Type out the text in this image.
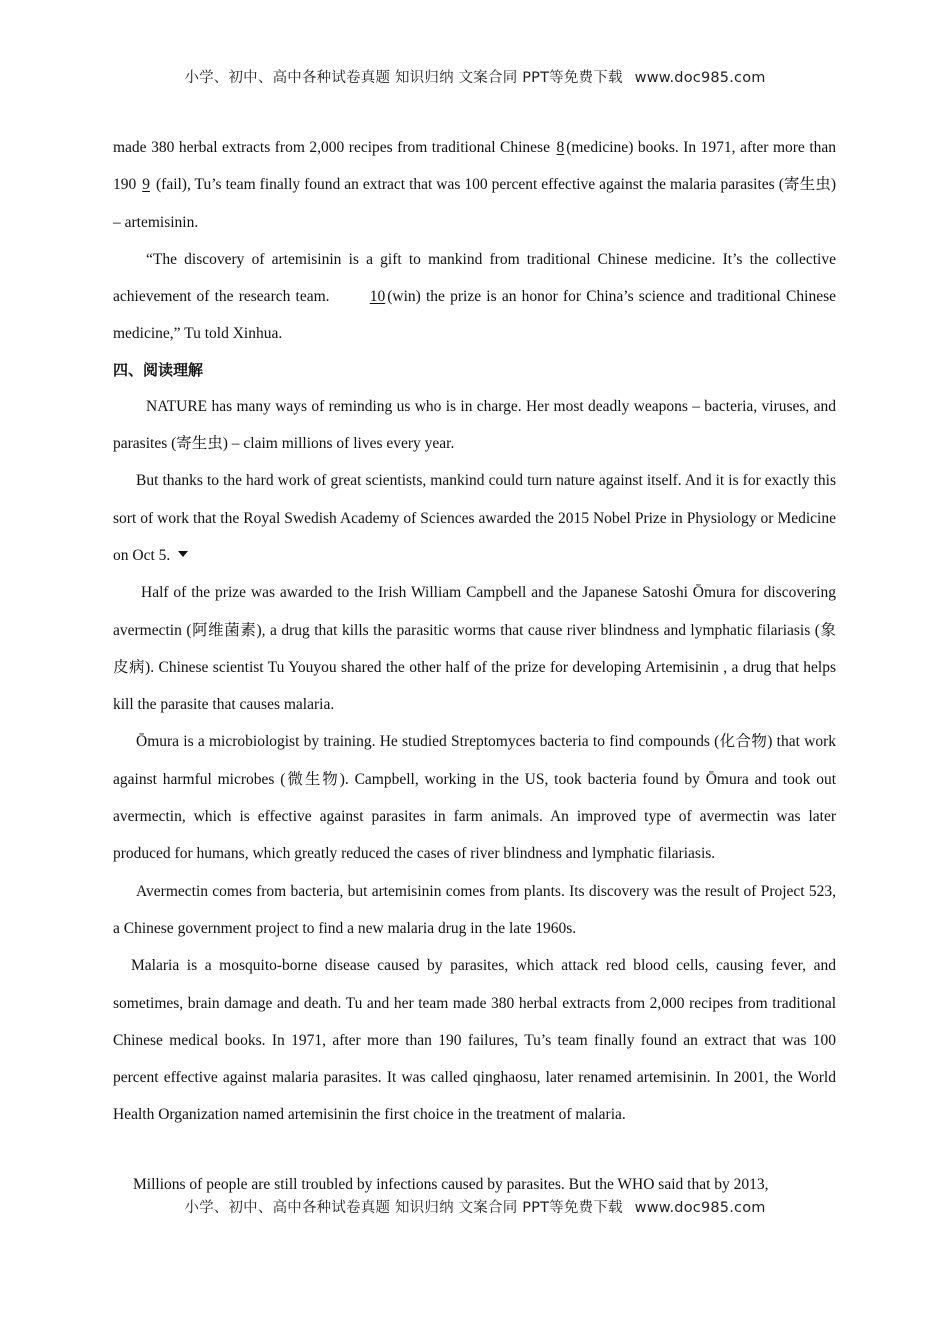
小学、初中、高中各种试卷真题 知识归纳 文案合同 PPT等免费下载 www.doc985.com

made 380 herbal extracts from 2,000 recipes from traditional Chinese 8 (medicine) books. In 1971, after more than 190 9 (fail), Tu’s team finally found an extract that was 100 percent effective against the malaria parasites (寄生虫) – artemisinin.

“The discovery of artemisinin is a gift to mankind from traditional Chinese medicine. It’s the collective achievement of the research team. 10 (win) the prize is an honor for China’s science and traditional Chinese medicine,” Tu told Xinhua.

四、阅读理解

NATURE has many ways of reminding us who is in charge. Her most deadly weapons – bacteria, viruses, and parasites (寄生虫) – claim millions of lives every year.

But thanks to the hard work of great scientists, mankind could turn nature against itself. And it is for exactly this sort of work that the Royal Swedish Academy of Sciences awarded the 2015 Nobel Prize in Physiology or Medicine on Oct 5.

Half of the prize was awarded to the Irish William Campbell and the Japanese Satoshi Ōmura for discovering avermectin (阿维菌素), a drug that kills the parasitic worms that cause river blindness and lymphatic filariasis (象皮病). Chinese scientist Tu Youyou shared the other half of the prize for developing Artemisinin , a drug that helps kill the parasite that causes malaria.

Ōmura is a microbiologist by training. He studied Streptomyces bacteria to find compounds (化合物) that work against harmful microbes (微生物). Campbell, working in the US, took bacteria found by Ōmura and took out avermectin, which is effective against parasites in farm animals. An improved type of avermectin was later produced for humans, which greatly reduced the cases of river blindness and lymphatic filariasis.

Avermectin comes from bacteria, but artemisinin comes from plants. Its discovery was the result of Project 523, a Chinese government project to find a new malaria drug in the late 1960s.

Malaria is a mosquito-borne disease caused by parasites, which attack red blood cells, causing fever, and sometimes, brain damage and death. Tu and her team made 380 herbal extracts from 2,000 recipes from traditional Chinese medical books. In 1971, after more than 190 failures, Tu’s team finally found an extract that was 100 percent effective against malaria parasites. It was called qinghaosu, later renamed artemisinin. In 2001, the World Health Organization named artemisinin the first choice in the treatment of malaria.

Millions of people are still troubled by infections caused by parasites. But the WHO said that by 2013,

小学、初中、高中各种试卷真题 知识归纳 文案合同 PPT等免费下载 www.doc985.com
